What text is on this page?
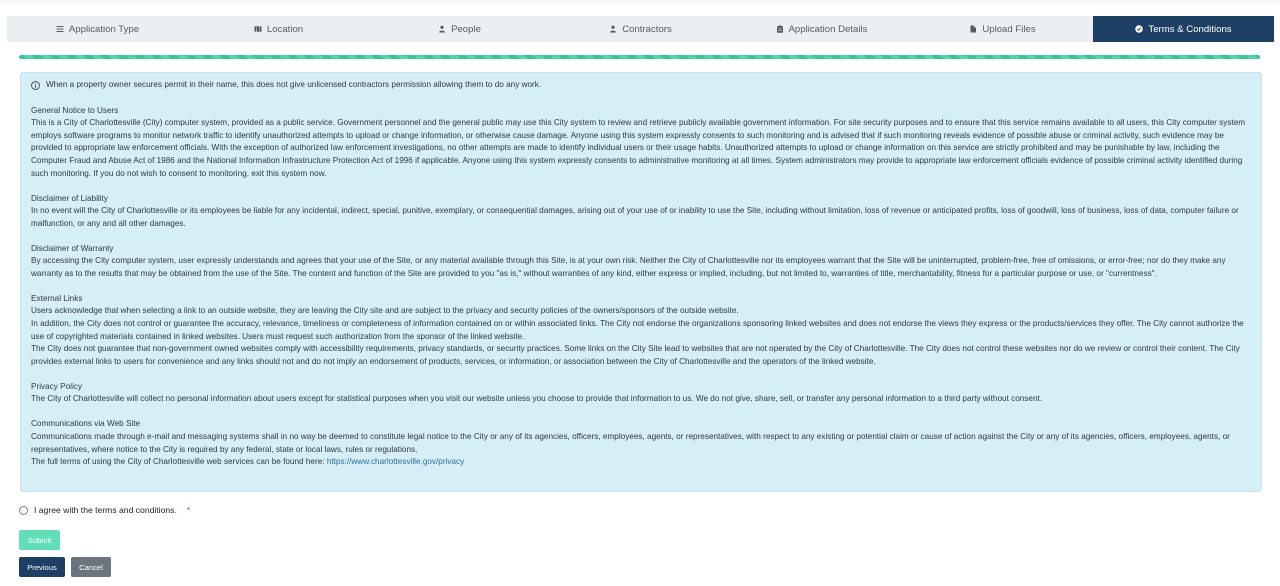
Application Type	Location	People	Contractors	Application Details	Upload Files	Terms & Conditions
When a property owner secures permit in their name, this does not give unlicensed contractors permission allowing them to do any work.

General Notice to Users

This is a City of Charlottesville (City) computer system, provided as a public service. Government personnel and the general public may use this City system to review and retrieve publicly available government information. For site security purposes and to ensure that this service remains available to all users, this City computer system employs software programs to monitor network traffic to identify unauthorized attempts to upload or change information, or otherwise cause damage. Anyone using this system expressly consents to such monitoring and is advised that if such monitoring reveals evidence of possible abuse or criminal activity, such evidence may be provided to appropriate law enforcement officials. With the exception of authorized law enforcement investigations, no other attempts are made to identify individual users or their usage habits. Unauthorized attempts to upload or change information on this service are strictly prohibited and may be punishable by law, including the Computer Fraud and Abuse Act of 1986 and the National Information Infrastructure Protection Act of 1996 if applicable. Anyone using this system expressly consents to administrative monitoring at all times. System administrators may provide to appropriate law enforcement officials evidence of possible criminal activity identified during such monitoring. If you do not wish to consent to monitoring, exit this system now.

Disclaimer of Liability

In no event will the City of Charlottesville or its employees be liable for any incidental, indirect, special, punitive, exemplary, or consequential damages, arising out of your use of or inability to use the Site, including without limitation, loss of revenue or anticipated profits, loss of goodwill, loss of business, loss of data, computer failure or malfunction, or any and all other damages.

Disclaimer of Warranty

By accessing the City computer system, user expressly understands and agrees that your use of the Site, or any material available through this Site, is at your own risk. Neither the City of Charlottesville nor its employees warrant that the Site will be uninterrupted, problem-free, free of omissions, or error-free; nor do they make any warranty as to the results that may be obtained from the use of the Site. The content and function of the Site are provided to you "as is," without warranties of any kind, either express or implied, including, but not limited to, warranties of title, merchantability, fitness for a particular purpose or use, or "currentness".

External Links

Users acknowledge that when selecting a link to an outside website, they are leaving the City site and are subject to the privacy and security policies of the owners/sponsors of the outside website.

In addition, the City does not control or guarantee the accuracy, relevance, timeliness or completeness of information contained on or within associated links. The City not endorse the organizations sponsoring linked websites and does not endorse the views they express or the products/services they offer. The City cannot authorize the use of copyrighted materials contained in linked websites. Users must request such authorization from the sponsor of the linked website.

The City does not guarantee that non-government owned websites comply with accessibility requirements, privacy standards, or security practices. Some links on the City Site lead to websites that are not operated by the City of Charlottesville. The City does not control these websites nor do we review or control their content. The City provides external links to users for convenience and any links should not and do not imply an endorsement of products, services, or information, or association between the City of Charlottesville and the operators of the linked website.

Privacy Policy

The City of Charlottesville will collect no personal information about users except for statistical purposes when you visit our website unless you choose to provide that information to us. We do not give, share, sell, or transfer any personal information to a third party without consent.

Communications via Web Site

Communications made through e-mail and messaging systems shall in no way be deemed to constitute legal notice to the City or any of its agencies, officers, employees, agents, or representatives, with respect to any existing or potential claim or cause of action against the City or any of its agencies, officers, employees, agents, or representatives, where notice to the City is required by any federal, state or local laws, rules or regulations.

The full terms of using the City of Charlottesville web services can be found here: https://www.charlottesville.gov/privacy
I agree with the terms and conditions. *
Submit
Previous	Cancel
